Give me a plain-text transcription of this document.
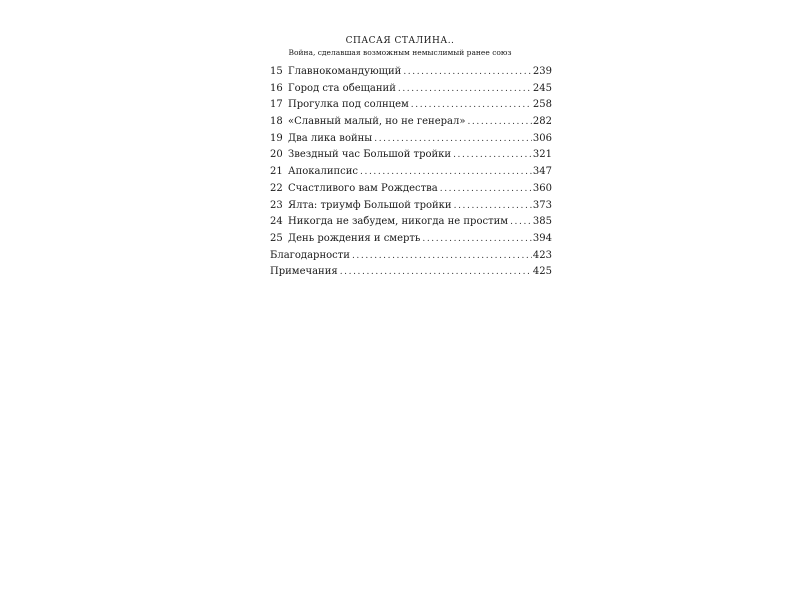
СПАСАЯ СТАЛИНА..
Война, сделавшая возможным немыслимый ранее союз
15 Главнокомандующий .....	239
16 Город ста обещаний .....	245
17 Прогулка под солнцем .....	258
18 «Славный малый, но не генерал» .....	282
19 Два лика войны .....	306
20 Звездный час Большой тройки .....	321
21 Апокалипсис .....	347
22 Счастливого вам Рождества .....	360
23 Ялта: триумф Большой тройки .....	373
24 Никогда не забудем, никогда не простим ..... 385
25 День рождения и смерть .....	394
Благодарности .....	423
Примечания .....	425
